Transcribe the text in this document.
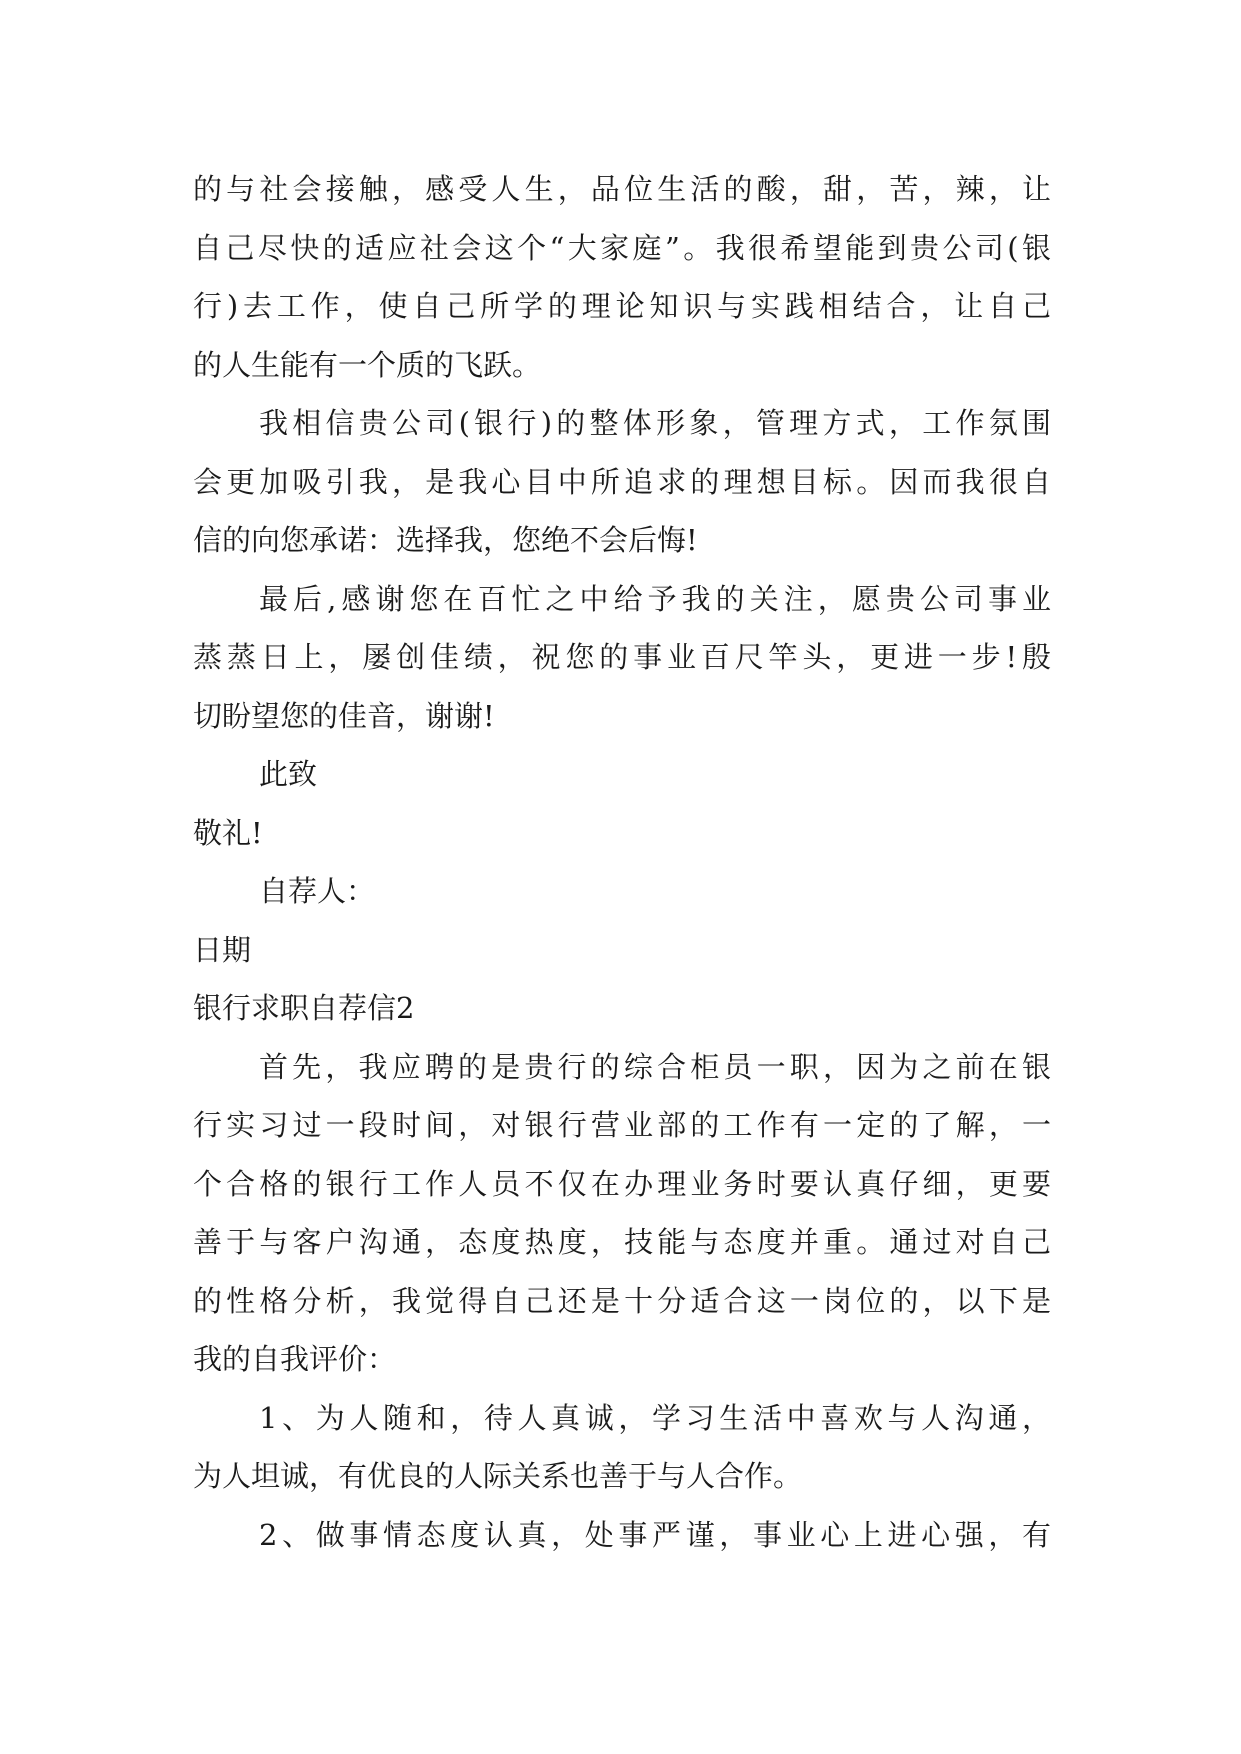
的与社会接触，感受人生，品位生活的酸，甜，苦，辣，让
自己尽快的适应社会这个“大家庭”。我很希望能到贵公司(银
行)去工作，使自己所学的理论知识与实践相结合，让自己
的人生能有一个质的飞跃。
我相信贵公司(银行)的整体形象，管理方式，工作氛围
会更加吸引我，是我心目中所追求的理想目标。因而我很自
信的向您承诺：选择我，您绝不会后悔!
最后,感谢您在百忙之中给予我的关注，愿贵公司事业
蒸蒸日上，屡创佳绩，祝您的事业百尺竿头，更进一步!殷
切盼望您的佳音，谢谢!
此致
敬礼!
自荐人：
日期
银行求职自荐信2
首先，我应聘的是贵行的综合柜员一职，因为之前在银
行实习过一段时间，对银行营业部的工作有一定的了解，一
个合格的银行工作人员不仅在办理业务时要认真仔细，更要
善于与客户沟通，态度热度，技能与态度并重。通过对自己
的性格分析，我觉得自己还是十分适合这一岗位的，以下是
我的自我评价：
1、为人随和，待人真诚，学习生活中喜欢与人沟通，
为人坦诚，有优良的人际关系也善于与人合作。
2、做事情态度认真，处事严谨，事业心上进心强，有
